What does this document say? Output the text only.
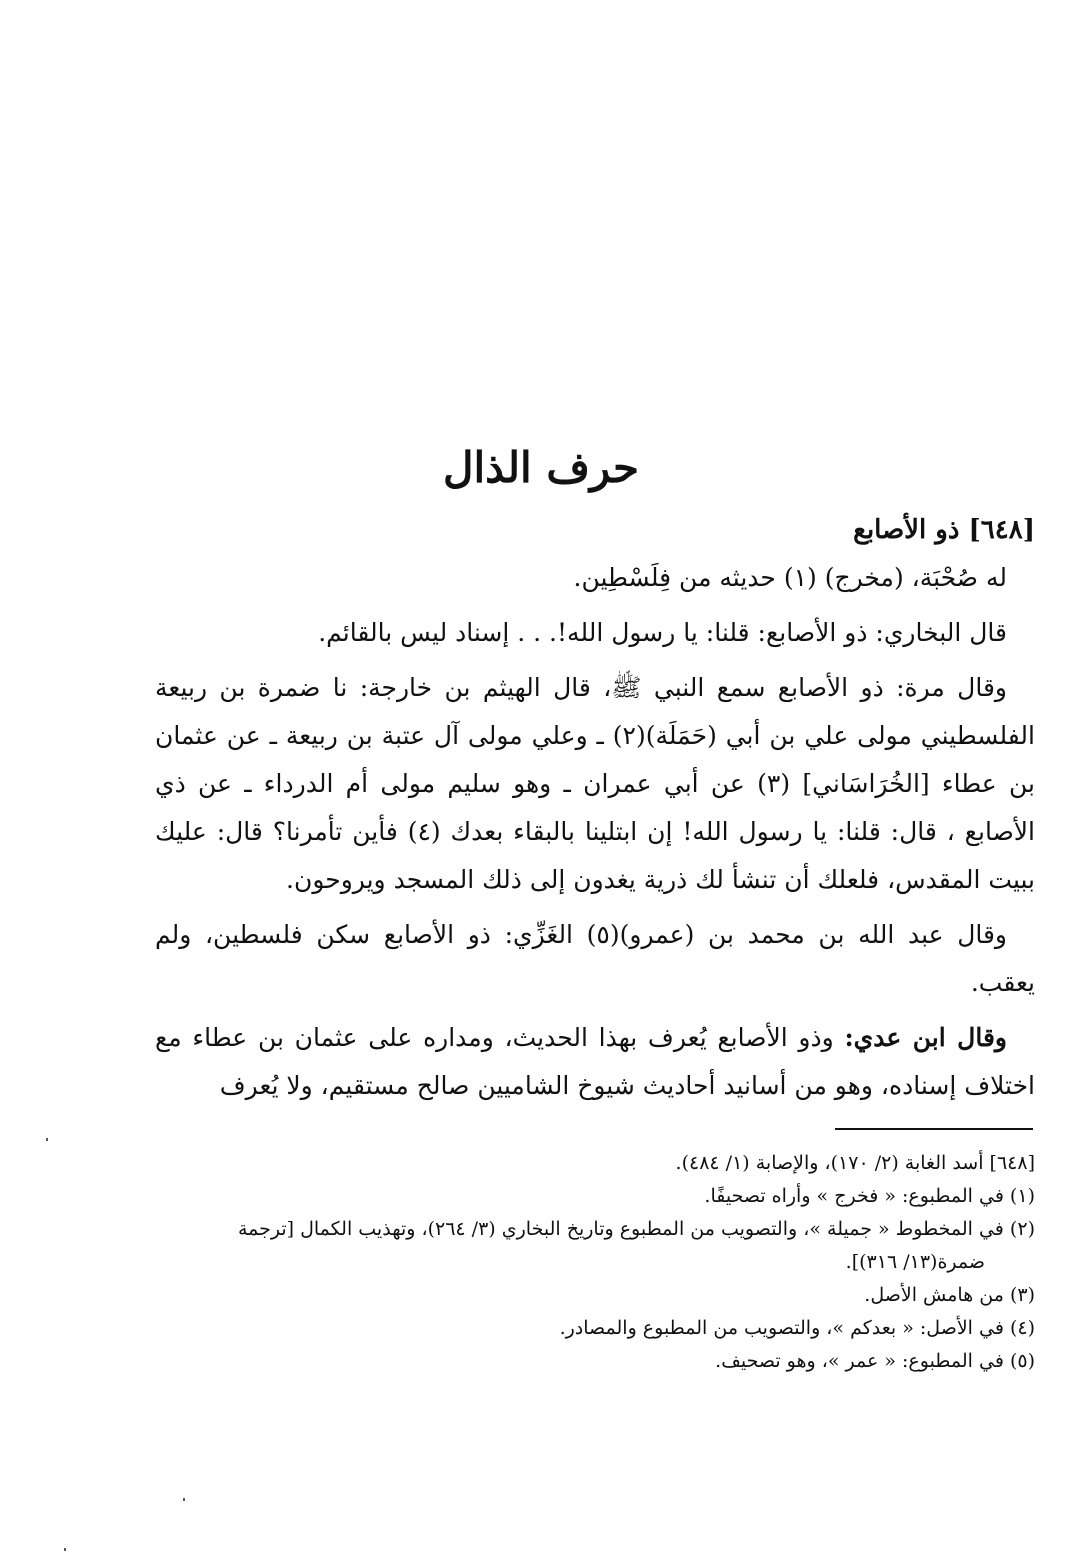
حرف الذال

[٦٤٨] ذو الأصابع

له صُحْبَة، (مخرج) (١) حديثه من فِلَسْطِين.

قال البخاري: ذو الأصابع: قلنا: يا رسول الله!. . . إسناد ليس بالقائم.

وقال مرة: ذو الأصابع سمع النبي ﷺ، قال الهيثم بن خارجة: نا ضمرة بن ربيعة الفلسطيني مولى علي بن أبي (حَمَلَة)(٢) ـ وعلي مولى آل عتبة بن ربيعة ـ عن عثمان بن عطاء [الخُرَاسَاني] (٣) عن أبي عمران ـ وهو سليم مولى أم الدرداء ـ عن ذي الأصابع ، قال: قلنا: يا رسول الله! إن ابتلينا بالبقاء بعدك (٤) فأين تأمرنا؟ قال: عليك ببيت المقدس، فلعلك أن تنشأ لك ذرية يغدون إلى ذلك المسجد ويروحون.

وقال عبد الله بن محمد بن (عمرو)(٥) الغَزِّي: ذو الأصابع سكن فلسطين، ولم يعقب.

وقال ابن عدي: وذو الأصابع يُعرف بهذا الحديث، ومداره على عثمان بن عطاء مع اختلاف إسناده، وهو من أسانيد أحاديث شيوخ الشاميين صالح مستقيم، ولا يُعرف

[٦٤٨] أسد الغابة (٢/ ١٧٠)، والإصابة (١/ ٤٨٤).

(١) في المطبوع: « فخرج » وأراه تصحيفًا.

(٢) في المخطوط « جميلة »، والتصويب من المطبوع وتاريخ البخاري (٣/ ٢٦٤)، وتهذيب الكمال [ترجمة

ضمرة(١٣/ ٣١٦)].

(٣) من هامش الأصل.

(٤) في الأصل: « بعدكم »، والتصويب من المطبوع والمصادر.

(٥) في المطبوع: « عمر »، وهو تصحيف.
